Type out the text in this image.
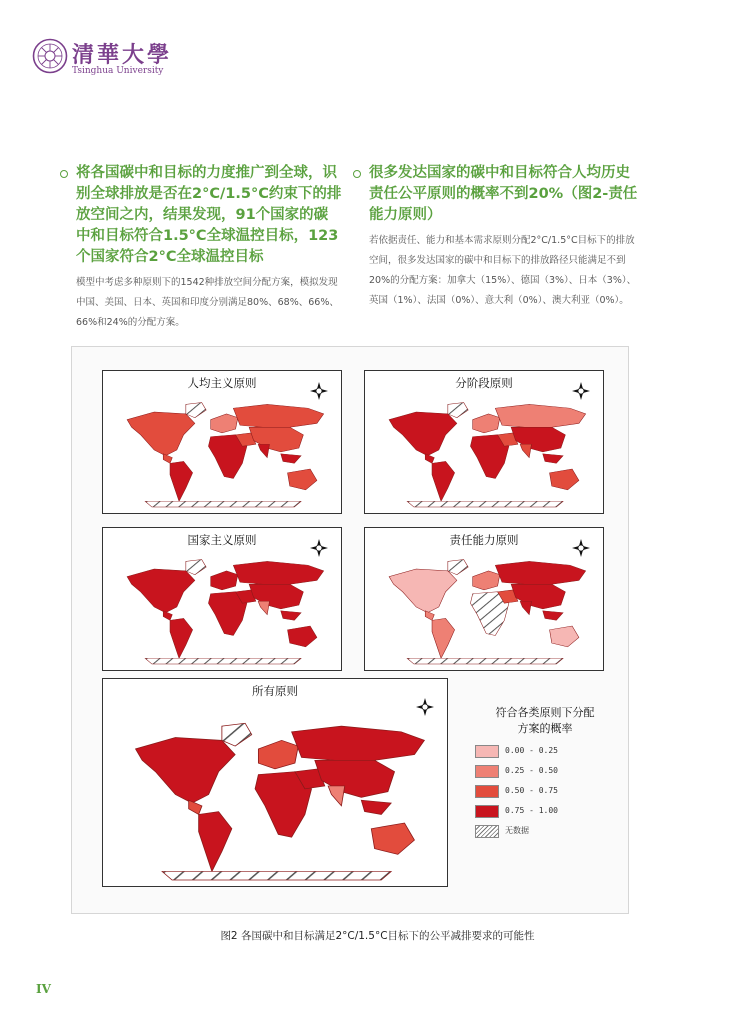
清華大學
Tsinghua University
将各国碳中和目标的力度推广到全球，识别全球排放是否在2°C/1.5°C约束下的排放空间之内，结果发现，91个国家的碳中和目标符合1.5°C全球温控目标，123个国家符合2°C全球温控目标
模型中考虑多种原则下的1542种排放空间分配方案，模拟发现中国、美国、日本、英国和印度分别满足80%、68%、66%、66%和24%的分配方案。
很多发达国家的碳中和目标符合人均历史责任公平原则的概率不到20%（图2-责任能力原则）
若依据责任、能力和基本需求原则分配2°C/1.5°C目标下的排放空间，很多发达国家的碳中和目标下的排放路径只能满足不到20%的分配方案：加拿大（15%）、德国（3%）、日本（3%）、英国（1%）、法国（0%）、意大利（0%）、澳大利亚（0%）。
人均主义原则	分阶段原则
国家主义原则	责任能力原则
所有原则
符合各类原则下分配
方案的概率
0.00 - 0.25
0.25 - 0.50
0.50 - 0.75
0.75 - 1.00
无数据
图2 各国碳中和目标满足2°C/1.5°C目标下的公平减排要求的可能性
IV
